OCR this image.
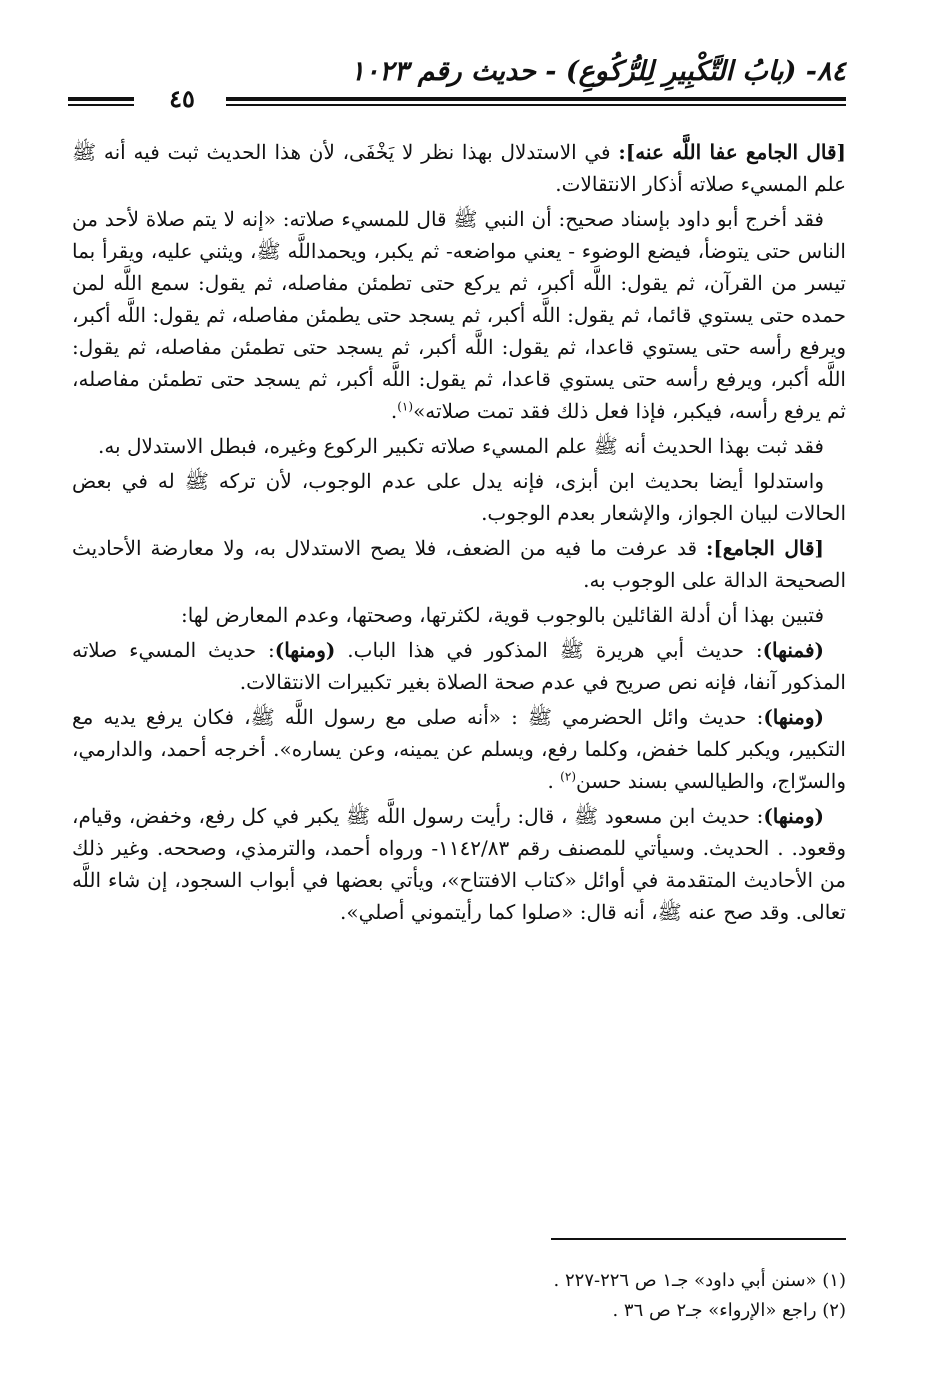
٨٤- (بابُ التَّكْبِيرِ لِلرُّكُوعِ) - حديث رقم ١٠٢٣
٤٥

[قال الجامع عفا اللَّه عنه]: في الاستدلال بهذا نظر لا يَخْفَى، لأن هذا الحديث ثبت فيه أنه ﷺ علم المسيء صلاته أذكار الانتقالات.

فقد أخرج أبو داود بإسناد صحيح: أن النبي ﷺ قال للمسيء صلاته: «إنه لا يتم صلاة لأحد من الناس حتى يتوضأ، فيضع الوضوء - يعني مواضعه- ثم يكبر، ويحمداللَّه ﷺ، ويثني عليه، ويقرأ بما تيسر من القرآن، ثم يقول: اللَّه أكبر، ثم يركع حتى تطمئن مفاصله، ثم يقول: سمع اللَّه لمن حمده حتى يستوي قائما، ثم يقول: اللَّه أكبر، ثم يسجد حتى يطمئن مفاصله، ثم يقول: اللَّه أكبر، ويرفع رأسه حتى يستوي قاعدا، ثم يقول: اللَّه أكبر، ثم يسجد حتى تطمئن مفاصله، ثم يقول: اللَّه أكبر، ويرفع رأسه حتى يستوي قاعدا، ثم يقول: اللَّه أكبر، ثم يسجد حتى تطمئن مفاصله، ثم يرفع رأسه، فيكبر، فإذا فعل ذلك فقد تمت صلاته»$^{(١)}$.

فقد ثبت بهذا الحديث أنه ﷺ علم المسيء صلاته تكبير الركوع وغيره، فبطل الاستدلال به.

واستدلوا أيضا بحديث ابن أبزى، فإنه يدل على عدم الوجوب، لأن تركه ﷺ له في بعض الحالات لبيان الجواز، والإشعار بعدم الوجوب.

[قال الجامع]: قد عرفت ما فيه من الضعف، فلا يصح الاستدلال به، ولا معارضة الأحاديث الصحيحة الدالة على الوجوب به.

فتبين بهذا أن أدلة القائلين بالوجوب قوية، لكثرتها، وصحتها، وعدم المعارض لها:

(فمنها): حديث أبي هريرة ﷺ المذكور في هذا الباب. (ومنها): حديث المسيء صلاته المذكور آنفا، فإنه نص صريح في عدم صحة الصلاة بغير تكبيرات الانتقالات.

(ومنها): حديث وائل الحضرمي ﷺ : «أنه صلى مع رسول اللَّه ﷺ، فكان يرفع يديه مع التكبير، ويكبر كلما خفض، وكلما رفع، ويسلم عن يمينه، وعن يساره». أخرجه أحمد، والدارمي، والسرّاج، والطيالسي بسند حسن$^{(٢)}$ .

(ومنها): حديث ابن مسعود ﷺ ، قال: رأيت رسول اللَّه ﷺ يكبر في كل رفع، وخفض، وقيام، وقعود. . الحديث. وسيأتي للمصنف رقم ١١٤٢/٨٣- ورواه أحمد، والترمذي، وصححه. وغير ذلك من الأحاديث المتقدمة في أوائل «كتاب الافتتاح»، ويأتي بعضها في أبواب السجود، إن شاء اللَّه تعالى. وقد صح عنه ﷺ، أنه قال: «صلوا كما رأيتموني أصلي».

(١) «سنن أبي داود» جـ١ ص ٢٢٦-٢٢٧ .
(٢) راجع «الإرواء» جـ٢ ص ٣٦ .
